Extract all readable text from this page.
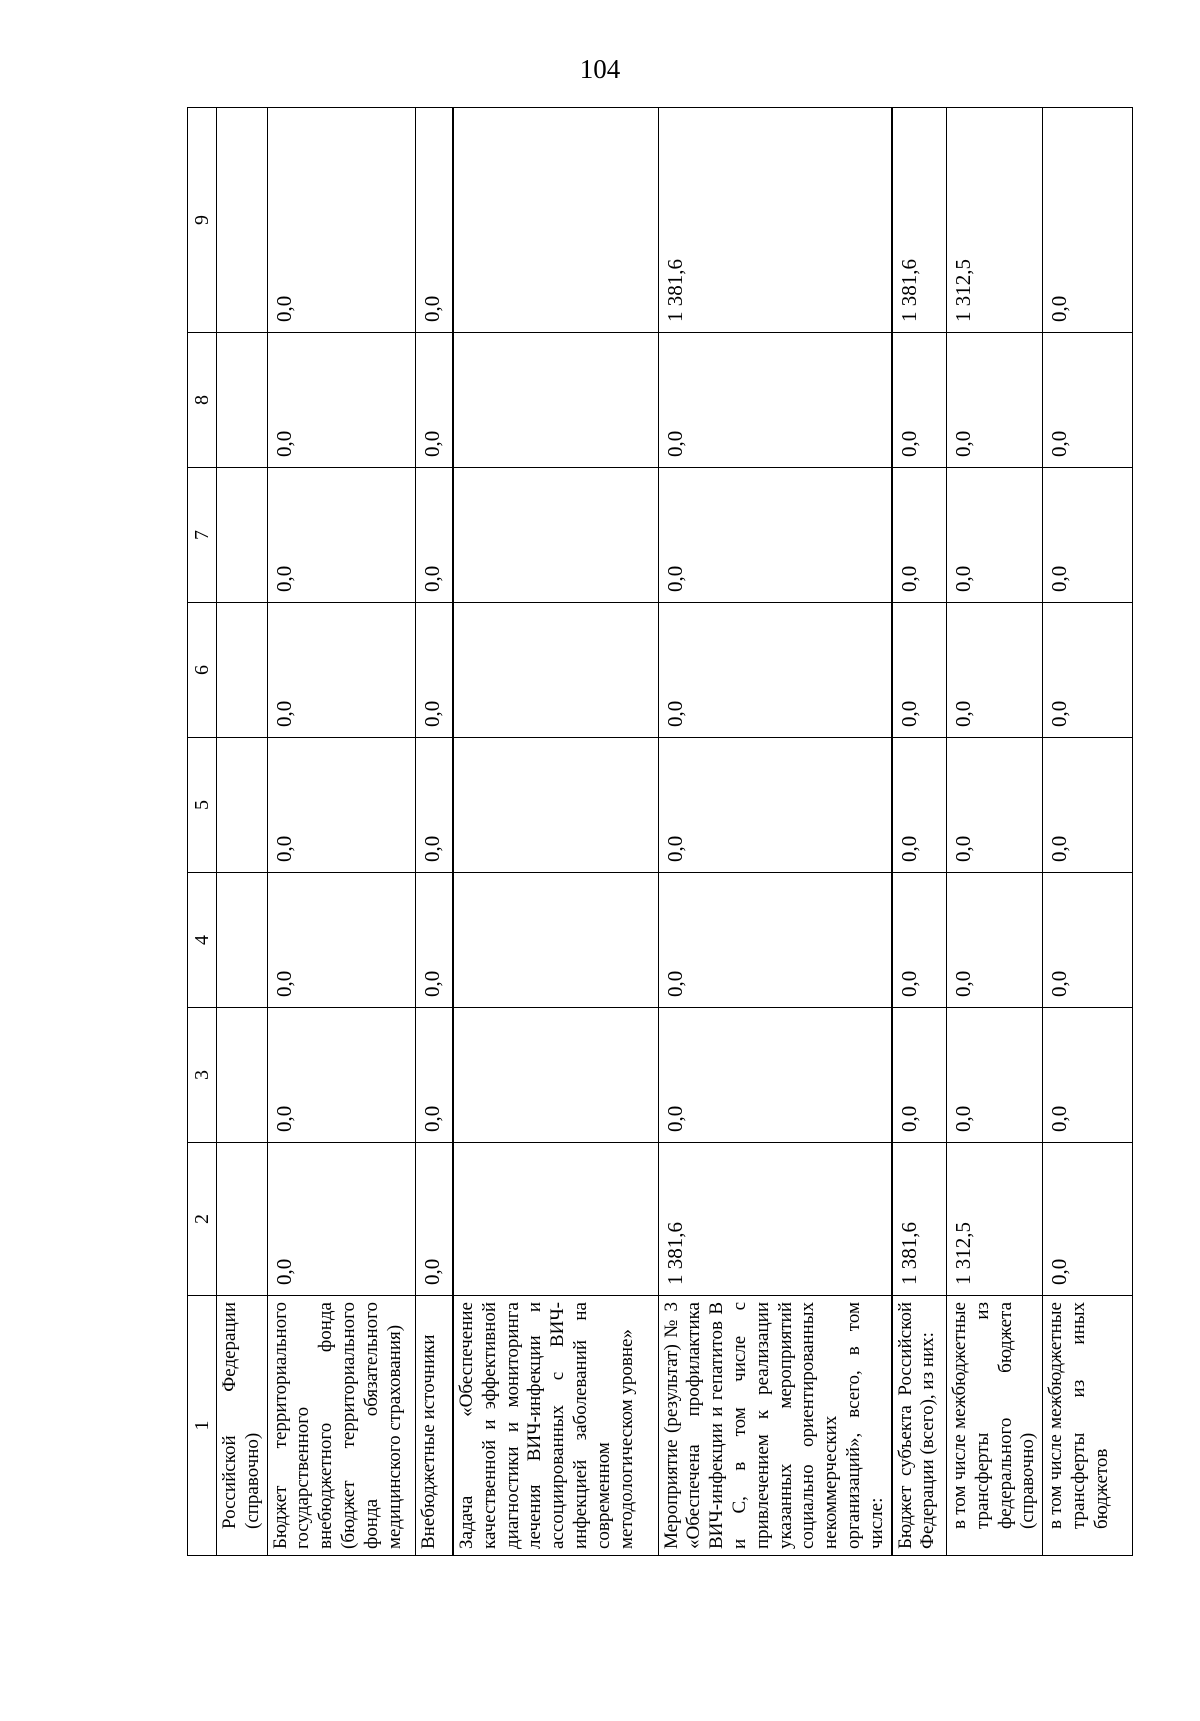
104
1	2	3	4	5	6	7	8	9
Российской Федерации (справочно)								
Бюджет территориального государственного внебюджетного фонда (бюджет территориального фонда обязательного медицинского страхования)	0,0	0,0	0,0	0,0	0,0	0,0	0,0	0,0
Внебюджетные источники	0,0	0,0	0,0	0,0	0,0	0,0	0,0	0,0
Задача «Обеспечение качественной и эффективной диагностики и мониторинга лечения ВИЧ-инфекции и ассоциированных с ВИЧ-инфекцией заболеваний на современном методологическом уровне»								
Мероприятие (результат) № 3 «Обеспечена профилактика ВИЧ-инфекции и гепатитов В и С, в том числе с привлечением к реализации указанных мероприятий социально ориентированных некоммерческих организаций», всего, в том числе:	1 381,6	0,0	0,0	0,0	0,0	0,0	0,0	1 381,6
Бюджет субъекта Российской Федерации (всего), из них:	1 381,6	0,0	0,0	0,0	0,0	0,0	0,0	1 381,6
в том числе межбюджетные трансферты из федерального бюджета (справочно)	1 312,5	0,0	0,0	0,0	0,0	0,0	0,0	1 312,5
в том числе межбюджетные трансферты из иных бюджетов	0,0	0,0	0,0	0,0	0,0	0,0	0,0	0,0
